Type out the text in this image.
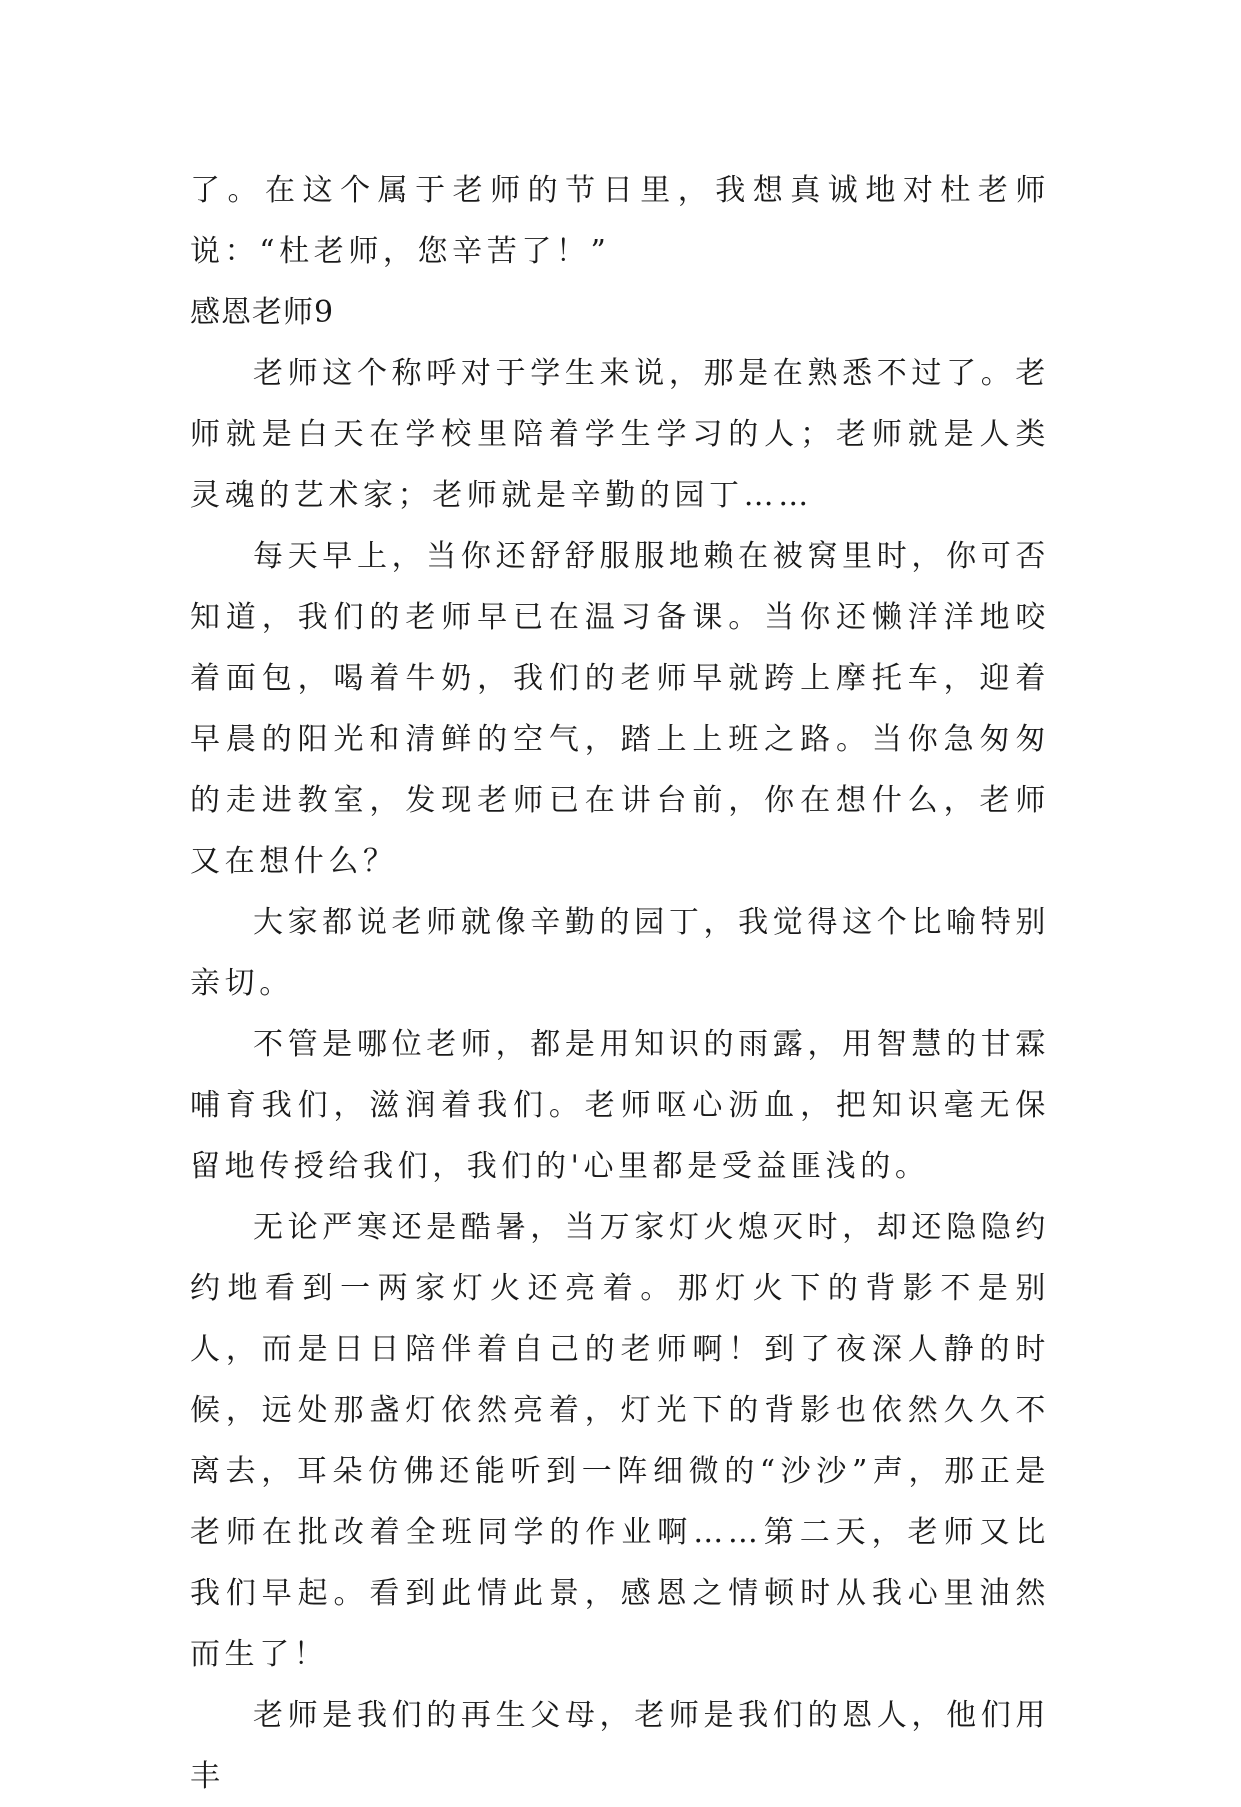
了。在这个属于老师的节日里，我想真诚地对杜老师说：“杜老师，您辛苦了！”

感恩老师9

老师这个称呼对于学生来说，那是在熟悉不过了。老师就是白天在学校里陪着学生学习的人；老师就是人类灵魂的艺术家；老师就是辛勤的园丁……

每天早上，当你还舒舒服服地赖在被窝里时，你可否知道，我们的老师早已在温习备课。当你还懒洋洋地咬着面包，喝着牛奶，我们的老师早就跨上摩托车，迎着早晨的阳光和清鲜的空气，踏上上班之路。当你急匆匆的走进教室，发现老师已在讲台前，你在想什么，老师又在想什么？

大家都说老师就像辛勤的园丁，我觉得这个比喻特别亲切。

不管是哪位老师，都是用知识的雨露，用智慧的甘霖哺育我们，滋润着我们。老师呕心沥血，把知识毫无保留地传授给我们，我们的'心里都是受益匪浅的。

无论严寒还是酷暑，当万家灯火熄灭时，却还隐隐约约地看到一两家灯火还亮着。那灯火下的背影不是别人，而是日日陪伴着自己的老师啊！到了夜深人静的时候，远处那盏灯依然亮着，灯光下的背影也依然久久不离去，耳朵仿佛还能听到一阵细微的“沙沙”声，那正是老师在批改着全班同学的作业啊……第二天，老师又比我们早起。看到此情此景，感恩之情顿时从我心里油然而生了！

老师是我们的再生父母，老师是我们的恩人，他们用丰
